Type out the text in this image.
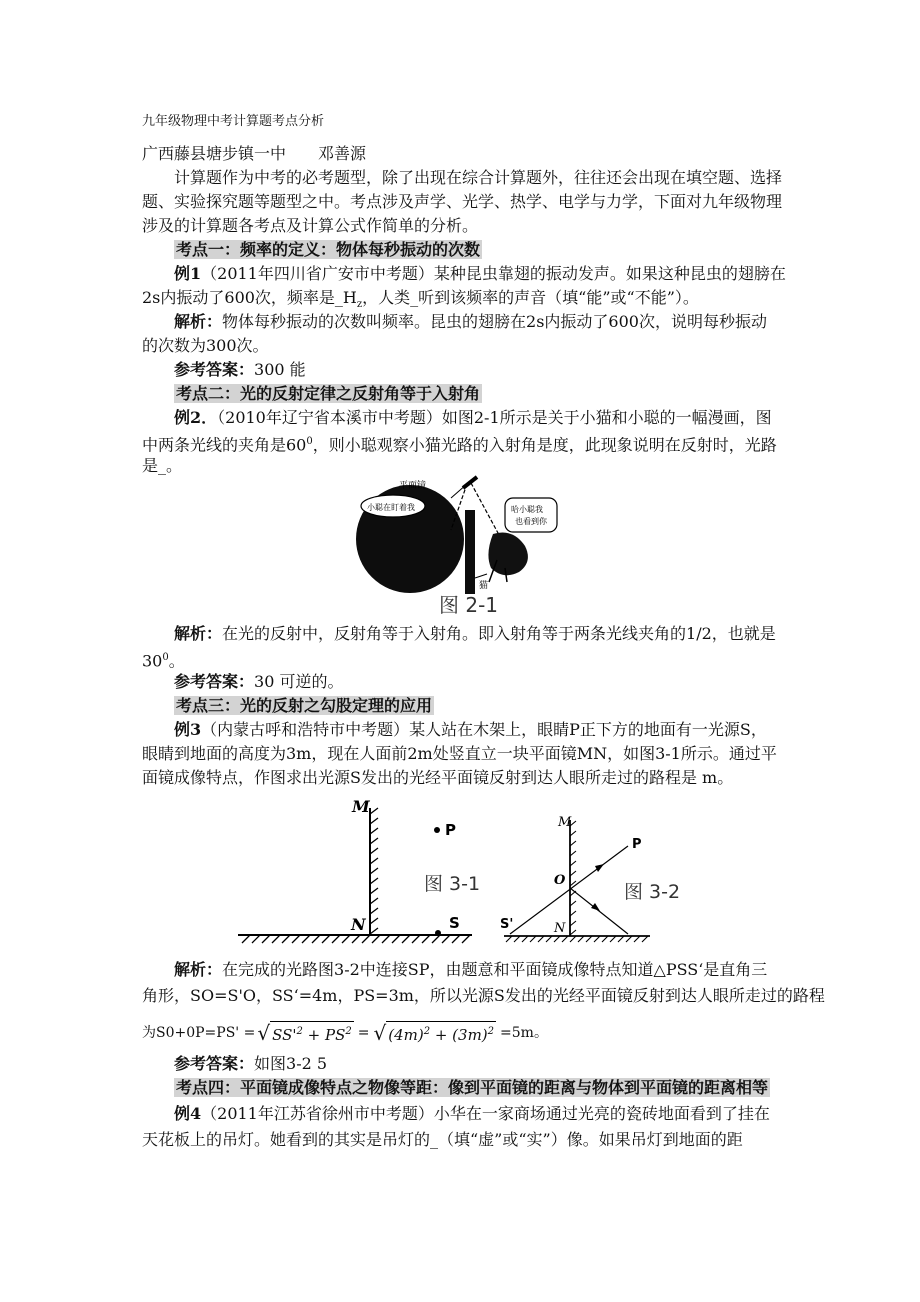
九年级物理中考计算题考点分析
广西藤县塘步镇一中　　邓善源
计算题作为中考的必考题型，除了出现在综合计算题外，往往还会出现在填空题、选择
题、实验探究题等题型之中。考点涉及声学、光学、热学、电学与力学，下面对九年级物理
涉及的计算题各考点及计算公式作简单的分析。
考点一：频率的定义：物体每秒振动的次数
例1（2011年四川省广安市中考题）某种昆虫靠翅的振动发声。如果这种昆虫的翅膀在
2s内振动了600次，频率是$\_H_z$，人类_听到该频率的声音（填“能”或“不能”）。
解析：物体每秒振动的次数叫频率。昆虫的翅膀在2s内振动了600次，说明每秒振动
的次数为300次。
参考答案：300 能
考点二：光的反射定律之反射角等于入射角
例2．（2010年辽宁省本溪市中考题）如图2-1所示是关于小猫和小聪的一幅漫画，图
中两条光线的夹角是$60^0$，则小聪观察小猫光路的入射角是度，此现象说明在反射时，光路
是_。
平面镜
小聪在盯着我	哈小聪我
也看到你
猫
图 2-1
解析：在光的反射中，反射角等于入射角。即入射角等于两条光线夹角的1/2，也就是
$30^0$。
参考答案：30 可逆的。
考点三：光的反射之勾股定理的应用
例3（内蒙古呼和浩特市中考题）某人站在木架上，眼睛P正下方的地面有一光源S，
眼睛到地面的高度为3m，现在人面前2m处竖直立一块平面镜MN，如图3-1所示。通过平
面镜成像特点，作图求出光源S发出的光经平面镜反射到达人眼所走过的路程是 m。
M
N
P
S
图 3-1
M
N
O
P
S'
图 3-2
解析：在完成的光路图3-2中连接SP，由题意和平面镜成像特点知道△PSS‘是直角三
角形，SO=S'O，SS‘=4m，PS=3m，所以光源S发出的光经平面镜反射到达人眼所走过的路程
为S0+0P=PS' = √ $SS'^2 + PS^2$ = √ $(4m)^2 + (3m)^2 =5m$。
参考答案：如图3-2 5
考点四：平面镜成像特点之物像等距：像到平面镜的距离与物体到平面镜的距离相等
例4（2011年江苏省徐州市中考题）小华在一家商场通过光亮的瓷砖地面看到了挂在
天花板上的吊灯。她看到的其实是吊灯的_（填“虚”或“实”）像。如果吊灯到地面的距
